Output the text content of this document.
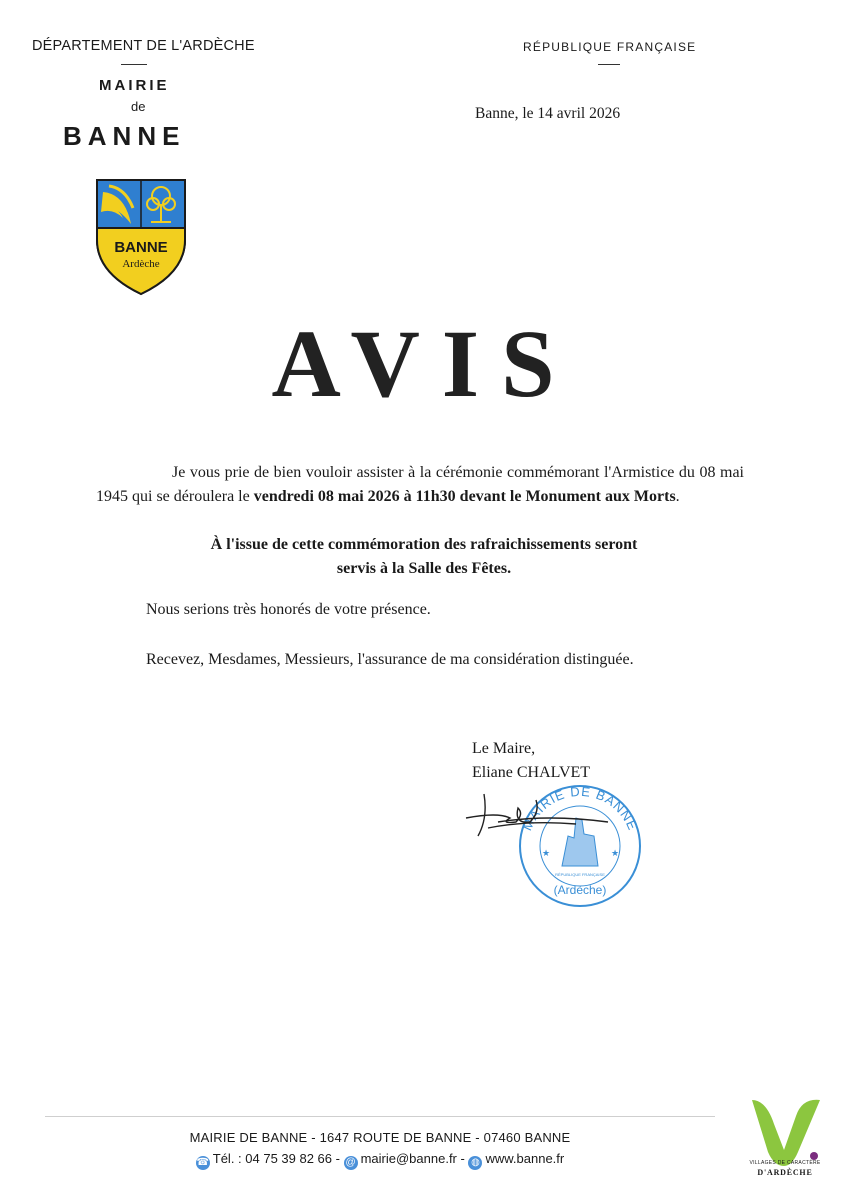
DÉPARTEMENT DE L'ARDÈCHE
MAIRIE
de
BANNE
RÉPUBLIQUE FRANÇAISE
Banne, le 14 avril 2026
BANNE
Ardèche
AVIS
Je vous prie de bien vouloir assister à la cérémonie commémorant l'Armistice du 08 mai 1945 qui se déroulera le vendredi 08 mai 2026 à 11h30 devant le Monument aux Morts.
À l'issue de cette commémoration des rafraichissements seront
servis à la Salle des Fêtes.
Nous serions très honorés de votre présence.
Recevez, Mesdames, Messieurs, l'assurance de ma considération distinguée.
Le Maire,
Eliane CHALVET
MAIRIE DE BANNE
RÉPUBLIQUE FRANÇAISE
(Ardèche)
★	★
MAIRIE DE BANNE - 1647 ROUTE DE BANNE - 07460 BANNE
☎ Tél. : 04 75 39 82 66 - @ mairie@banne.fr - ◍ www.banne.fr	VILLAGES DE CARACTÈRE
D'ARDÈCHE
